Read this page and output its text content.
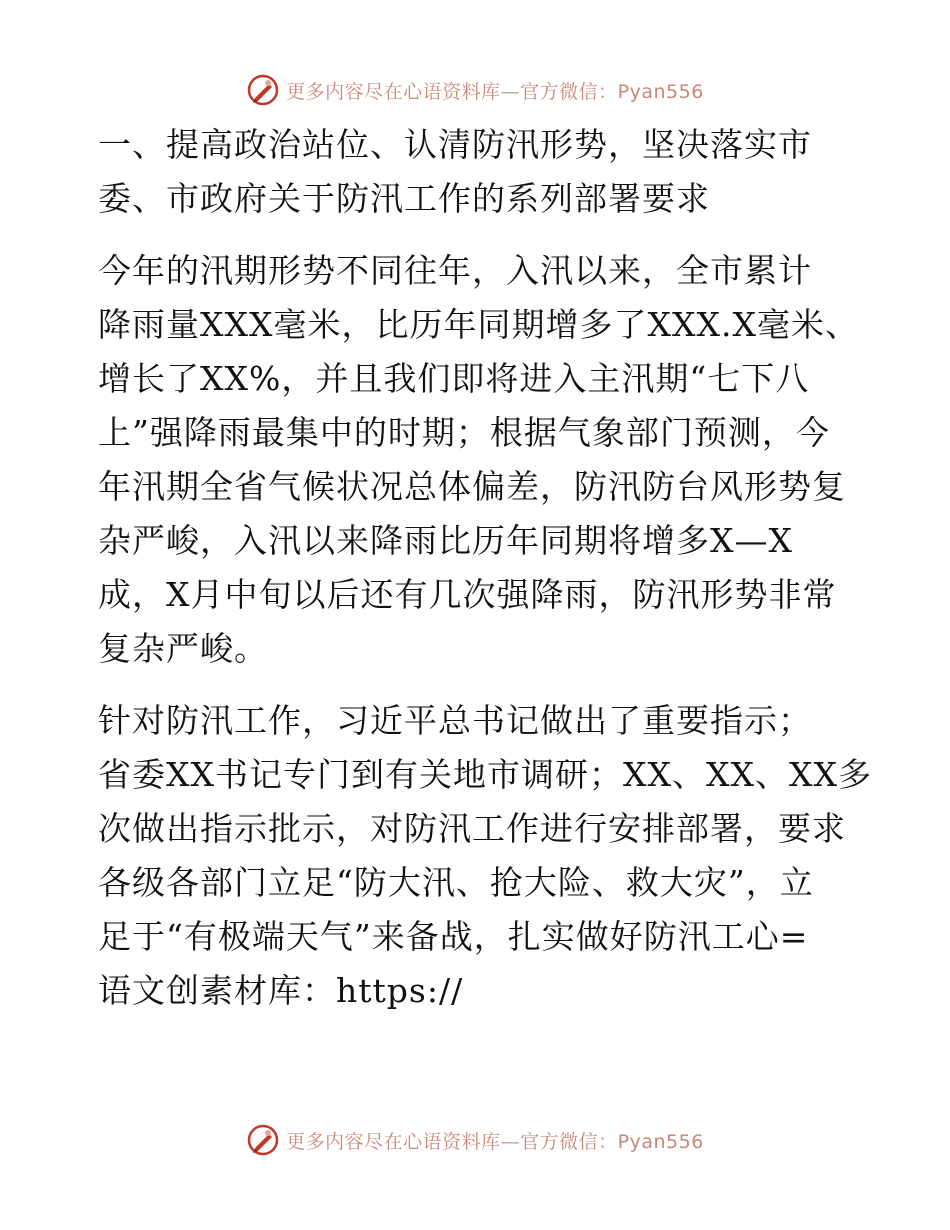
更多内容尽在心语资料库—官方微信：Pyan556

一、提高政治站位、认清防汛形势，坚决落实市
委、市政府关于防汛工作的系列部署要求

今年的汛期形势不同往年，入汛以来，全市累计
降雨量XXX毫米，比历年同期增多了XXX.X毫米、
增长了XX%，并且我们即将进入主汛期“七下八
上”强降雨最集中的时期；根据气象部门预测，今
年汛期全省气候状况总体偏差，防汛防台风形势复
杂严峻，入汛以来降雨比历年同期将增多X—X
成，X月中旬以后还有几次强降雨，防汛形势非常
复杂严峻。

针对防汛工作，习近平总书记做出了重要指示；
省委XX书记专门到有关地市调研；XX、XX、XX多
次做出指示批示，对防汛工作进行安排部署，要求
各级各部门立足“防大汛、抢大险、救大灾”，立
足于“有极端天气”来备战，扎实做好防汛工心=
语文创素材库：https://

更多内容尽在心语资料库—官方微信：Pyan556
